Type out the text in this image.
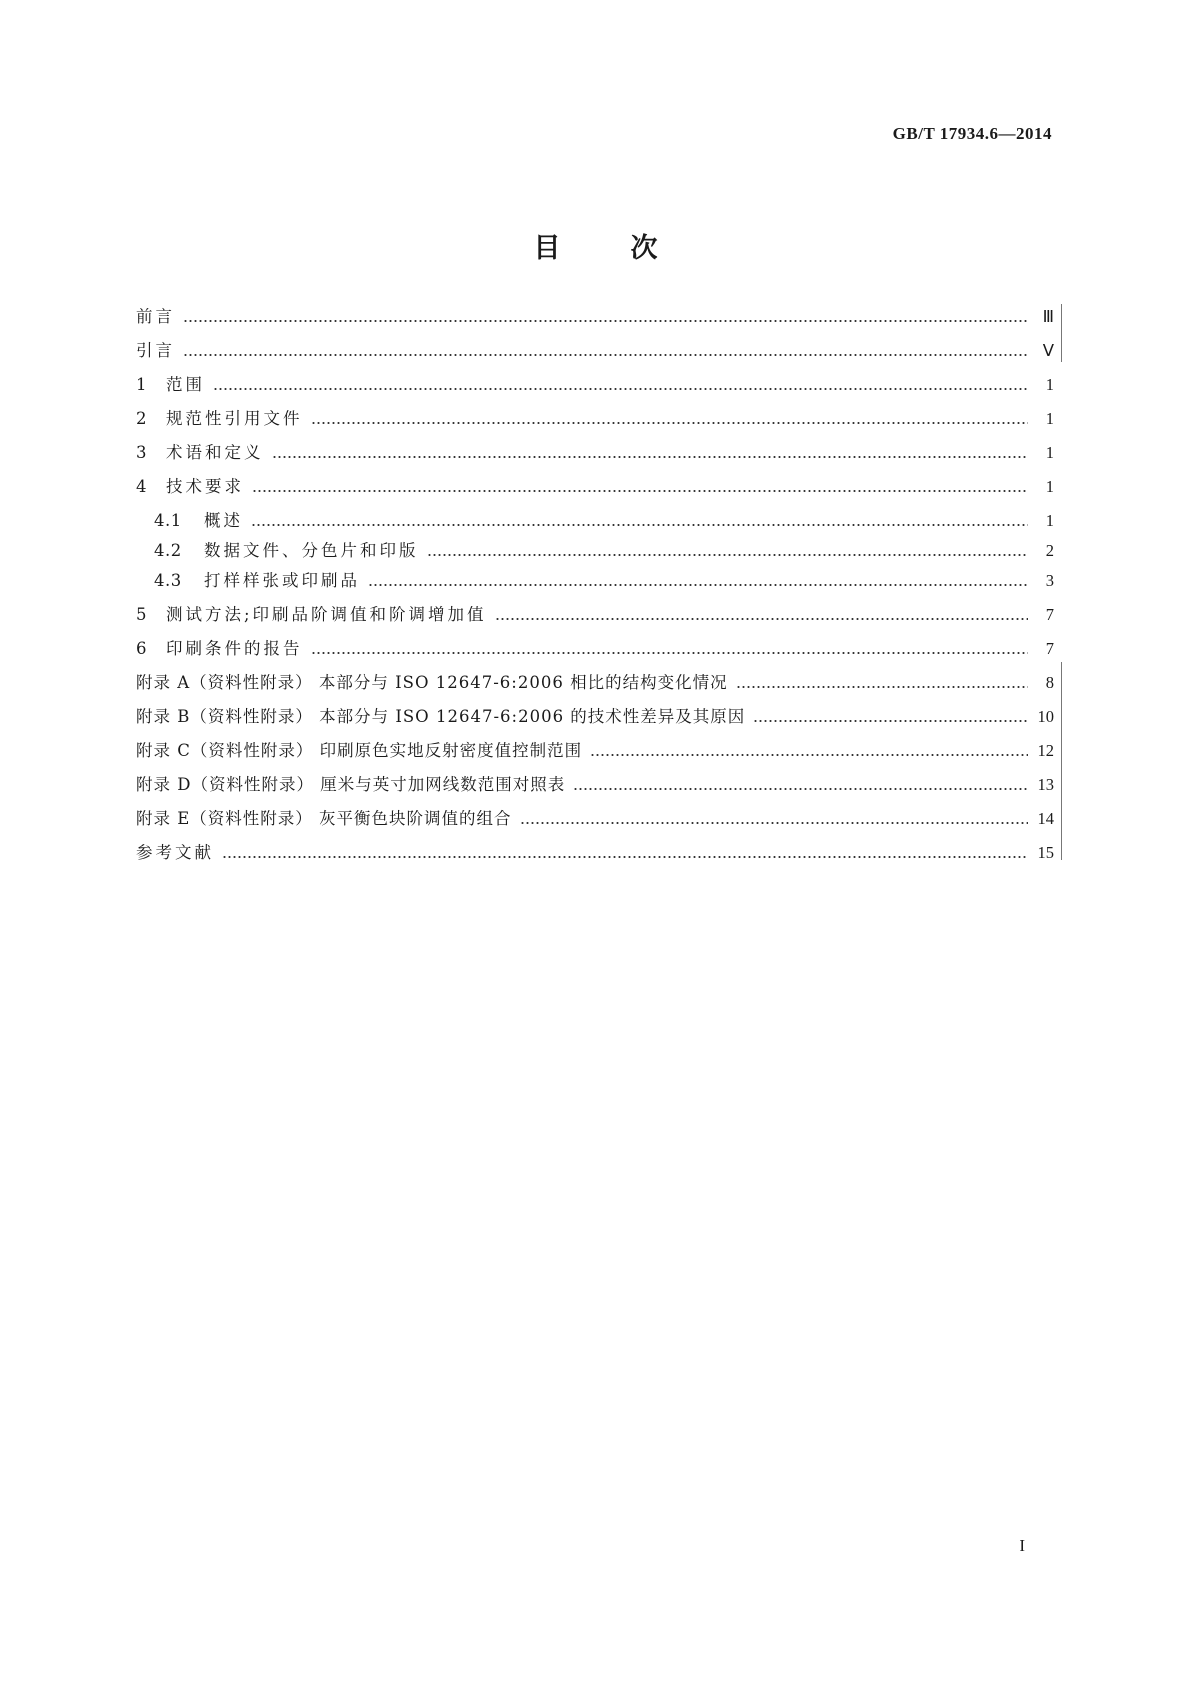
GB/T 17934.6—2014
目	次
前言	Ⅲ
引言	Ⅴ
1	范围	1
2	规范性引用文件	1
3	术语和定义	1
4	技术要求	1
4.1	概述	1
4.2	数据文件、分色片和印版	2
4.3	打样样张或印刷品	3
5	测试方法;印刷品阶调值和阶调增加值	7
6	印刷条件的报告	7
附录 A（资料性附录） 本部分与 ISO 12647-6:2006 相比的结构变化情况	8
附录 B（资料性附录） 本部分与 ISO 12647-6:2006 的技术性差异及其原因	10
附录 C（资料性附录） 印刷原色实地反射密度值控制范围	12
附录 D（资料性附录） 厘米与英寸加网线数范围对照表	13
附录 E（资料性附录） 灰平衡色块阶调值的组合	14
参考文献	15
I
